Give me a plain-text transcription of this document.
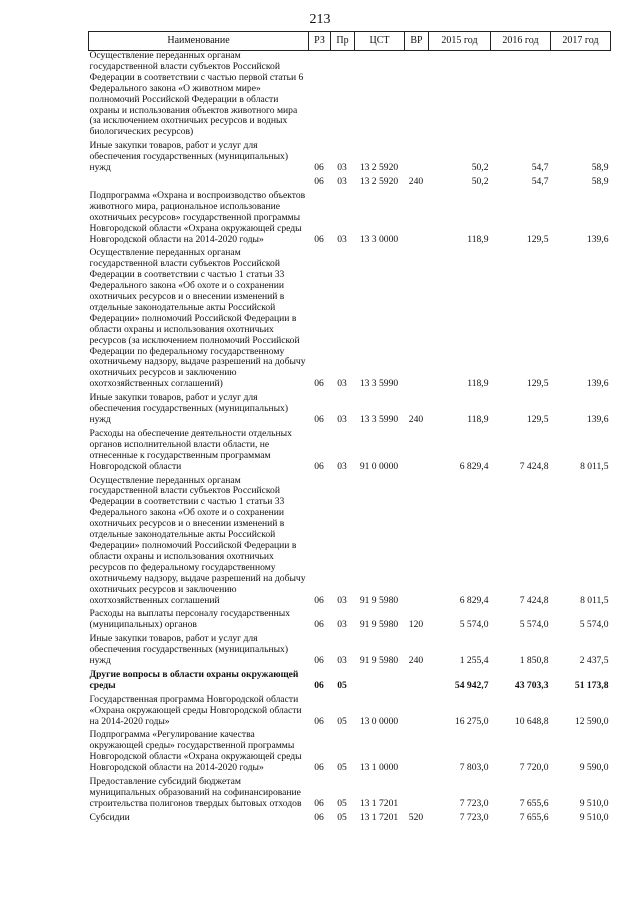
213
Наименование	РЗ	Пр	ЦСТ	ВР	2015 год	2016 год	2017 год
Осуществление переданных органам государственной власти субъектов Российской Федерации в соответствии с частью первой статьи 6 Федерального закона «О животном мире» полномочий Российской Федерации в области охраны и использования объектов животного мира (за исключением охотничьих ресурсов и водных биологических ресурсов)							
Иные закупки товаров, работ и услуг для обеспечения государственных (муниципальных) нужд	06	03	13 2 5920		50,2	54,7	58,9
	06	03	13 2 5920	240	50,2	54,7	58,9
Подпрограмма «Охрана и воспроизводство объектов животного мира, рациональное использование охотничьих ресурсов» государственной программы Новгородской области «Охрана окружающей среды Новгородской области на 2014-2020 годы»	06	03	13 3 0000		118,9	129,5	139,6
Осуществление переданных органам государственной власти субъектов Российской Федерации в соответствии с частью 1 статьи 33 Федерального закона «Об охоте и о сохранении охотничьих ресурсов и о внесении изменений в отдельные законодательные акты Российской Федерации» полномочий Российской Федерации в области охраны и использования охотничьих ресурсов (за исключением полномочий Российской Федерации по федеральному государственному охотничьему надзору, выдаче разрешений на добычу охотничьих ресурсов и заключению охотхозяйственных соглашений)	06	03	13 3 5990		118,9	129,5	139,6
Иные закупки товаров, работ и услуг для обеспечения государственных (муниципальных) нужд	06	03	13 3 5990	240	118,9	129,5	139,6
Расходы на обеспечение деятельности отдельных органов исполнительной власти области, не отнесенные к государственным программам Новгородской области	06	03	91 0 0000		6 829,4	7 424,8	8 011,5
Осуществление переданных органам государственной власти субъектов Российской Федерации в соответствии с частью 1 статьи 33 Федерального закона «Об охоте и о сохранении охотничьих ресурсов и о внесении изменений в отдельные законодательные акты Российской Федерации» полномочий Российской Федерации в области охраны и использования охотничьих ресурсов по федеральному государственному охотничьему надзору, выдаче разрешений на добычу охотничьих ресурсов и заключению охотхозяйственных соглашений	06	03	91 9 5980		6 829,4	7 424,8	8 011,5
Расходы на выплаты персоналу государственных (муниципальных) органов	06	03	91 9 5980	120	5 574,0	5 574,0	5 574,0
Иные закупки товаров, работ и услуг для обеспечения государственных (муниципальных) нужд	06	03	91 9 5980	240	1 255,4	1 850,8	2 437,5
Другие вопросы в области охраны окружающей среды	06	05			54 942,7	43 703,3	51 173,8
Государственная программа Новгородской области «Охрана окружающей среды Новгородской области на 2014-2020 годы»	06	05	13 0 0000		16 275,0	10 648,8	12 590,0
Подпрограмма «Регулирование качества окружающей среды» государственной программы Новгородской области «Охрана окружающей среды Новгородской области на 2014-2020 годы»	06	05	13 1 0000		7 803,0	7 720,0	9 590,0
Предоставление субсидий бюджетам муниципальных образований на софинансирование строительства полигонов твердых бытовых отходов	06	05	13 1 7201		7 723,0	7 655,6	9 510,0
Субсидии	06	05	13 1 7201	520	7 723,0	7 655,6	9 510,0
